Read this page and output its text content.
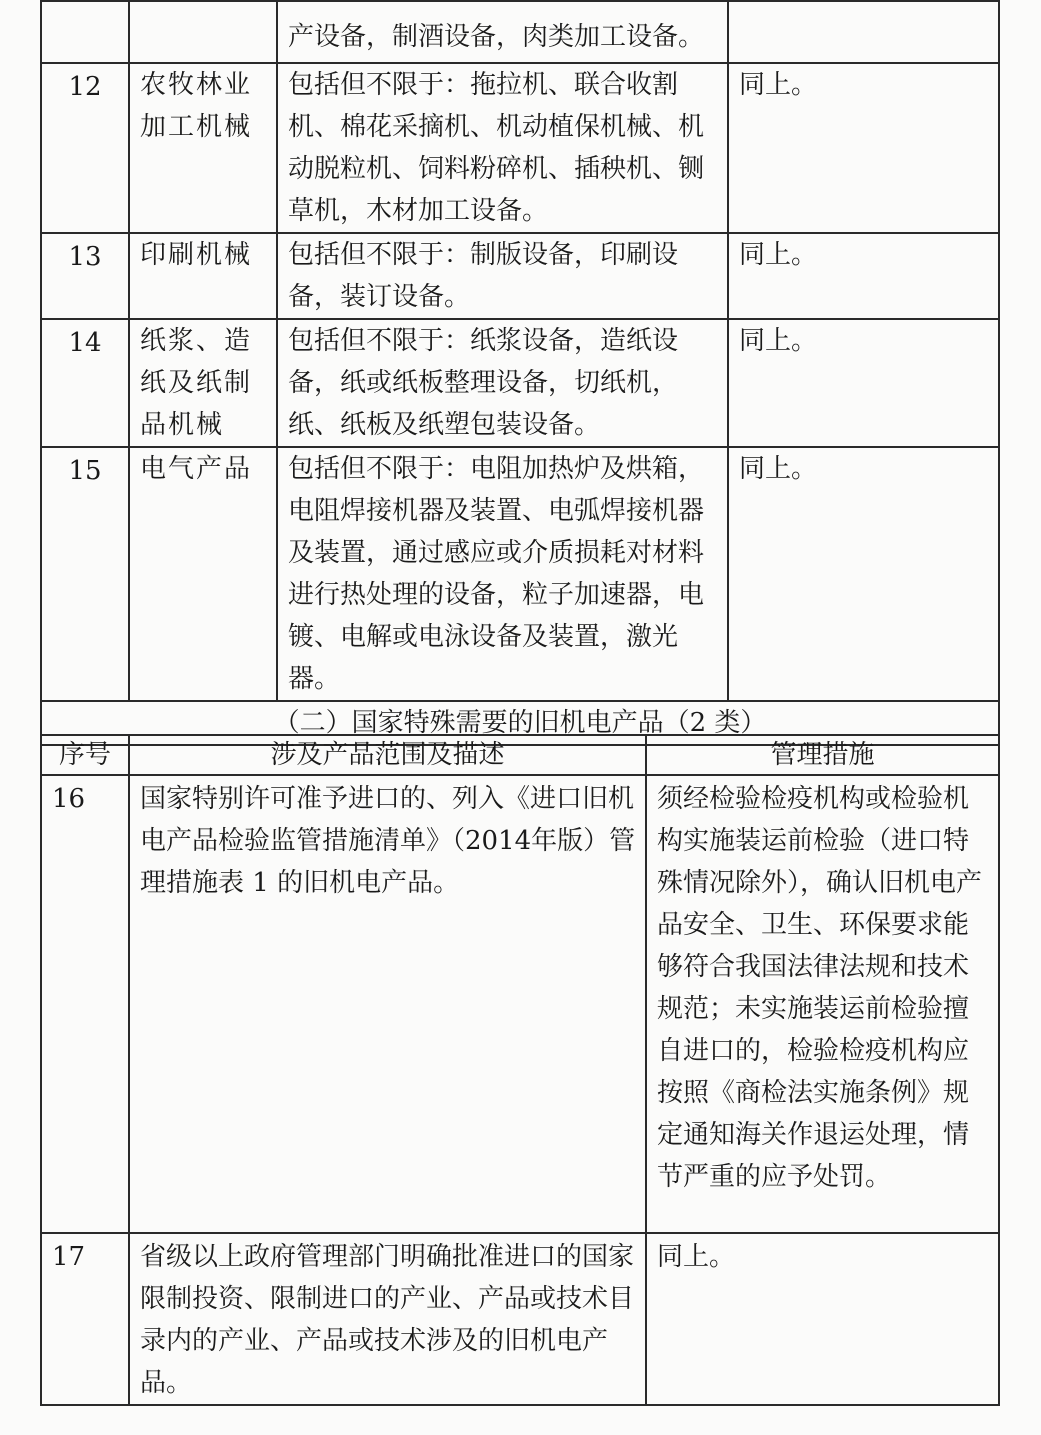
		产设备，制酒设备，肉类加工设备。	
12	农牧林业加工机械	包括但不限于：拖拉机、联合收割机、棉花采摘机、机动植保机械、机动脱粒机、饲料粉碎机、插秧机、铡草机，木材加工设备。	同上。
13	印刷机械	包括但不限于：制版设备，印刷设备，装订设备。	同上。
14	纸浆、造纸及纸制品机械	包括但不限于：纸浆设备，造纸设备，纸或纸板整理设备，切纸机，纸、纸板及纸塑包装设备。	同上。
15	电气产品	包括但不限于：电阻加热炉及烘箱，电阻焊接机器及装置、电弧焊接机器及装置，通过感应或介质损耗对材料进行热处理的设备，粒子加速器，电镀、电解或电泳设备及装置，激光器。	同上。
（二）国家特殊需要的旧机电产品（2 类）			
序号	涉及产品范围及描述	管理措施
16	国家特别许可准予进口的、列入《进口旧机电产品检验监管措施清单》（2014年版）管理措施表 1 的旧机电产品。	须经检验检疫机构或检验机构实施装运前检验（进口特殊情况除外），确认旧机电产品安全、卫生、环保要求能够符合我国法律法规和技术规范；未实施装运前检验擅自进口的，检验检疫机构应按照《商检法实施条例》规定通知海关作退运处理，情节严重的应予处罚。
17	省级以上政府管理部门明确批准进口的国家限制投资、限制进口的产业、产品或技术目录内的产业、产品或技术涉及的旧机电产品。	同上。
